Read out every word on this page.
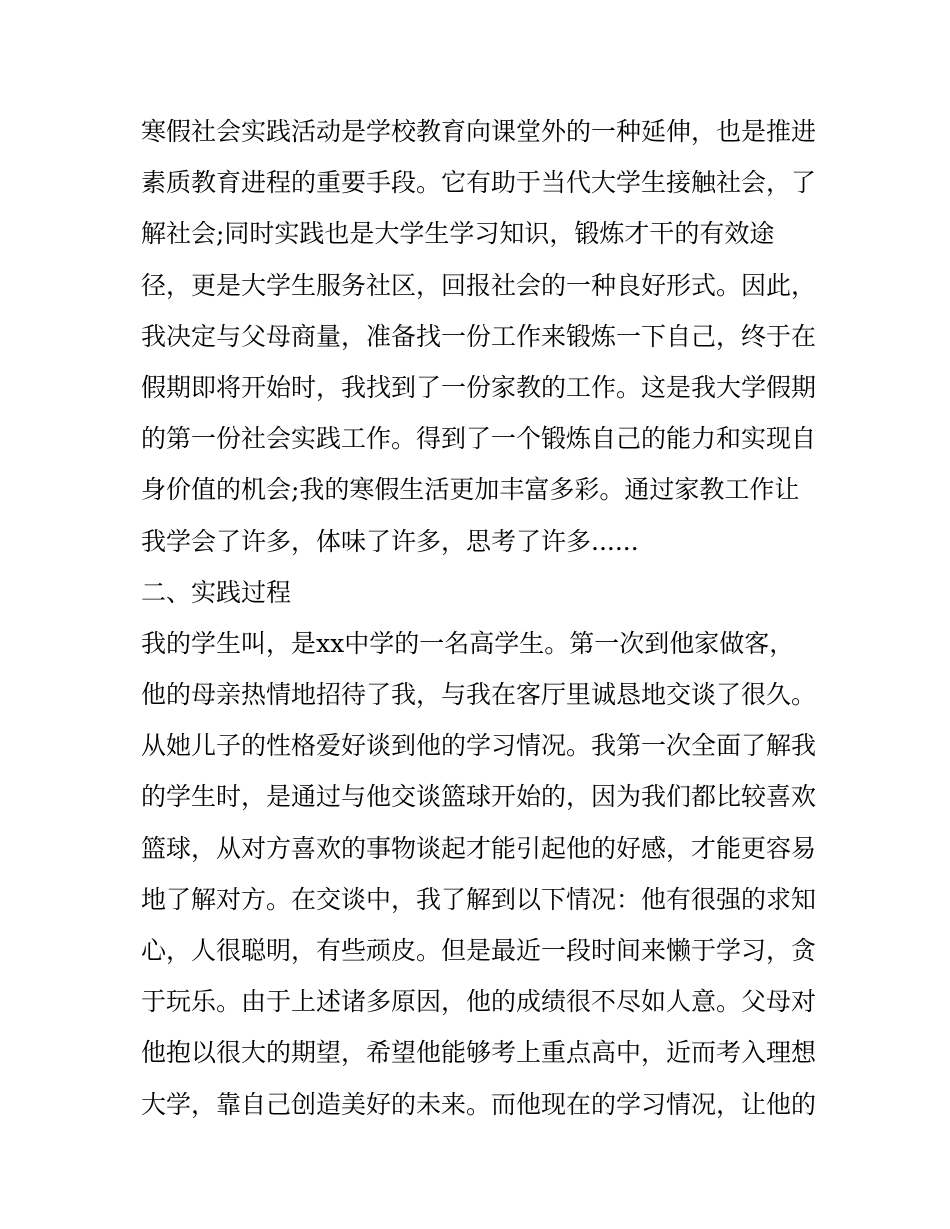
寒假社会实践活动是学校教育向课堂外的一种延伸，也是推进
素质教育进程的重要手段。它有助于当代大学生接触社会，了
解社会;同时实践也是大学生学习知识，锻炼才干的有效途
径，更是大学生服务社区，回报社会的一种良好形式。因此，
我决定与父母商量，准备找一份工作来锻炼一下自己，终于在
假期即将开始时，我找到了一份家教的工作。这是我大学假期
的第一份社会实践工作。得到了一个锻炼自己的能力和实现自
身价值的机会;我的寒假生活更加丰富多彩。通过家教工作让
我学会了许多，体味了许多，思考了许多......
二、实践过程
我的学生叫，是xx中学的一名高学生。第一次到他家做客，
他的母亲热情地招待了我，与我在客厅里诚恳地交谈了很久。
从她儿子的性格爱好谈到他的学习情况。我第一次全面了解我
的学生时，是通过与他交谈篮球开始的，因为我们都比较喜欢
篮球，从对方喜欢的事物谈起才能引起他的好感，才能更容易
地了解对方。在交谈中，我了解到以下情况：他有很强的求知
心，人很聪明，有些顽皮。但是最近一段时间来懒于学习，贪
于玩乐。由于上述诸多原因，他的成绩很不尽如人意。父母对
他抱以很大的期望，希望他能够考上重点高中，近而考入理想
大学，靠自己创造美好的未来。而他现在的学习情况，让他的
